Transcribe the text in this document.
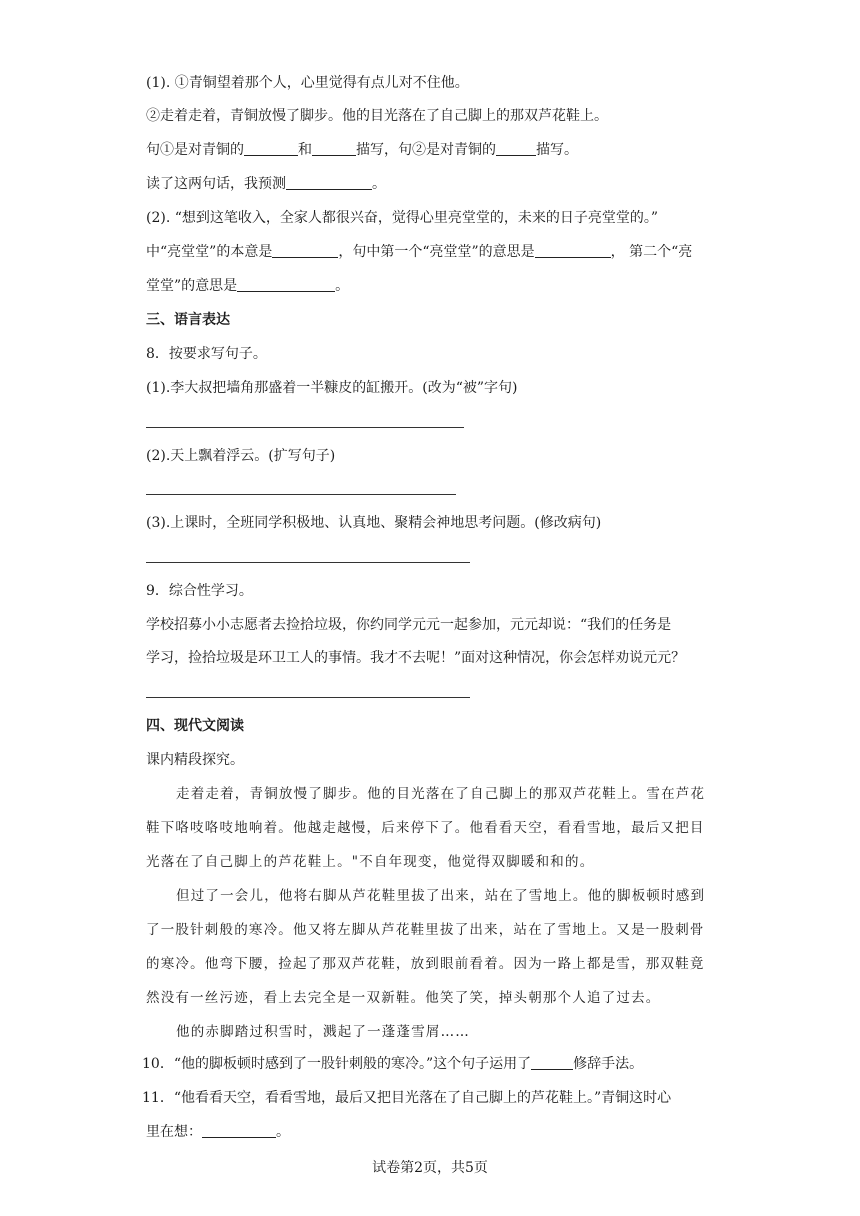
(1). ①青铜望着那个人，心里觉得有点儿对不住他。
②走着走着，青铜放慢了脚步。他的目光落在了自己脚上的那双芦花鞋上。
句①是对青铜的	和	描写，句②是对青铜的	描写。
读了这两句话，我预测	。
(2). “想到这笔收入，全家人都很兴奋，觉得心里亮堂堂的，未来的日子亮堂堂的。”
中“亮堂堂”的本意是	，句中第一个“亮堂堂”的意思是	， 第二个“亮
堂堂”的意思是	。
三、语言表达
8．按要求写句子。
(1).李大叔把墙角那盛着一半糠皮的缸搬开。(改为“被”字句)
(2).天上飘着浮云。(扩写句子)
(3).上课时，全班同学积极地、认真地、聚精会神地思考问题。(修改病句)
9．综合性学习。
学校招募小小志愿者去捡拾垃圾，你约同学元元一起参加，元元却说：“我们的任务是
学习，捡拾垃圾是环卫工人的事情。我才不去呢！”面对这种情况，你会怎样劝说元元？
四、现代文阅读
课内精段探究。
走着走着，青铜放慢了脚步。他的目光落在了自己脚上的那双芦花鞋上。雪在芦花
鞋下咯吱咯吱地响着。他越走越慢，后来停下了。他看看天空，看看雪地，最后又把目
光落在了自己脚上的芦花鞋上。"不自年现变，他觉得双脚暖和和的。
但过了一会儿，他将右脚从芦花鞋里拔了出来，站在了雪地上。他的脚板顿时感到
了一股针刺般的寒冷。他又将左脚从芦花鞋里拔了出来，站在了雪地上。又是一股刺骨
的寒冷。他弯下腰，捡起了那双芦花鞋，放到眼前看着。因为一路上都是雪，那双鞋竟
然没有一丝污迹，看上去完全是一双新鞋。他笑了笑，掉头朝那个人追了过去。
他的赤脚踏过积雪时，溅起了一蓬蓬雪屑……
10．“他的脚板顿时感到了一股针刺般的寒冷。”这个句子运用了	修辞手法。
11．“他看看天空，看看雪地，最后又把目光落在了自己脚上的芦花鞋上。”青铜这时心
里在想：	。
试卷第2页，共5页
